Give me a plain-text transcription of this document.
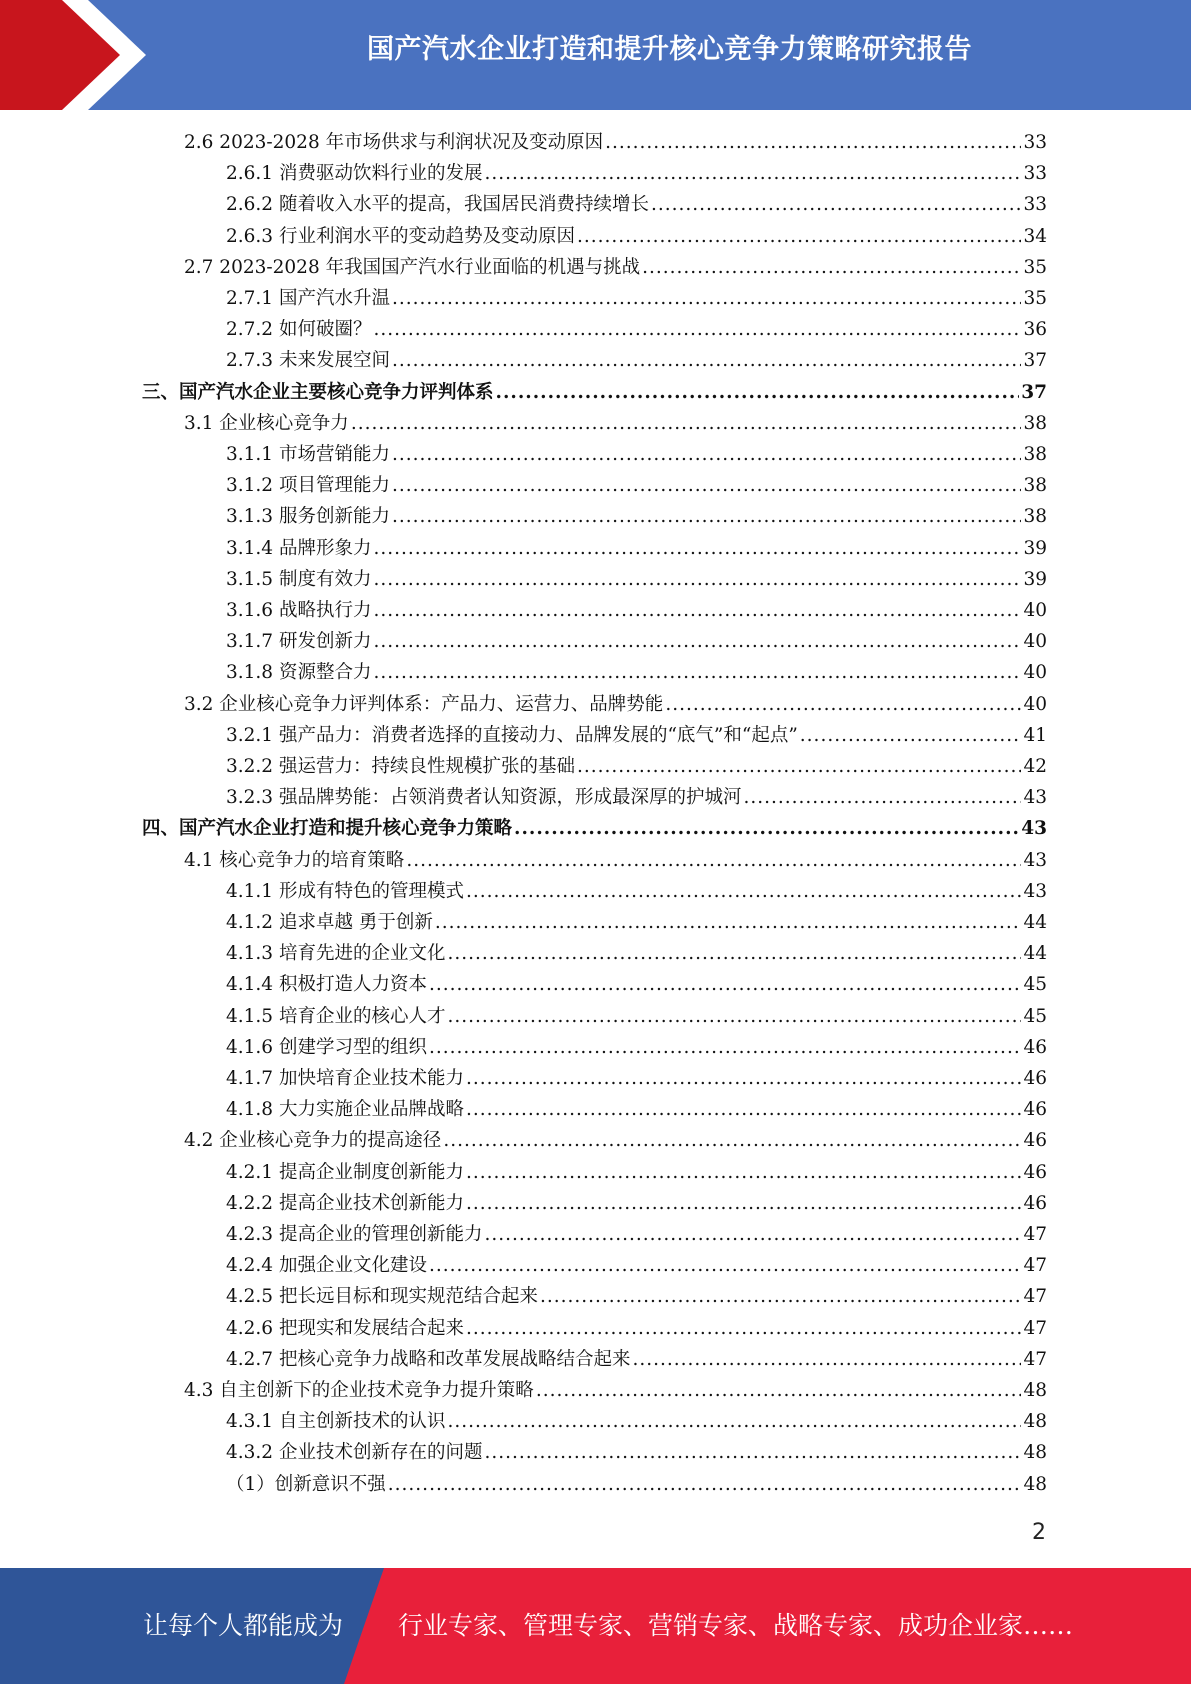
国产汽水企业打造和提升核心竞争力策略研究报告
2.6 2023-2028 年市场供求与利润状况及变动原因 .....	33
2.6.1 消费驱动饮料行业的发展 .....	33
2.6.2 随着收入水平的提高，我国居民消费持续增长 .....	33
2.6.3 行业利润水平的变动趋势及变动原因 .....	34
2.7 2023-2028 年我国国产汽水行业面临的机遇与挑战 .....	35
2.7.1 国产汽水升温 .....	35
2.7.2 如何破圈？ .....	36
2.7.3 未来发展空间 .....	37
三、国产汽水企业主要核心竞争力评判体系 .....	37
3.1 企业核心竞争力 .....	38
3.1.1 市场营销能力 .....	38
3.1.2 项目管理能力 .....	38
3.1.3 服务创新能力 .....	38
3.1.4 品牌形象力 .....	39
3.1.5 制度有效力 .....	39
3.1.6 战略执行力 .....	40
3.1.7 研发创新力 .....	40
3.1.8 资源整合力 .....	40
3.2 企业核心竞争力评判体系：产品力、运营力、品牌势能 .....	40
3.2.1 强产品力：消费者选择的直接动力、品牌发展的“底气”和“起点” .....	41
3.2.2 强运营力：持续良性规模扩张的基础 .....	42
3.2.3 强品牌势能：占领消费者认知资源，形成最深厚的护城河 .....	43
四、国产汽水企业打造和提升核心竞争力策略 .....	43
4.1 核心竞争力的培育策略 .....	43
4.1.1 形成有特色的管理模式 .....	43
4.1.2 追求卓越 勇于创新 .....	44
4.1.3 培育先进的企业文化 .....	44
4.1.4 积极打造人力资本 .....	45
4.1.5 培育企业的核心人才 .....	45
4.1.6 创建学习型的组织 .....	46
4.1.7 加快培育企业技术能力 .....	46
4.1.8 大力实施企业品牌战略 .....	46
4.2 企业核心竞争力的提高途径 .....	46
4.2.1 提高企业制度创新能力 .....	46
4.2.2 提高企业技术创新能力 .....	46
4.2.3 提高企业的管理创新能力 .....	47
4.2.4 加强企业文化建设 .....	47
4.2.5 把长远目标和现实规范结合起来 .....	47
4.2.6 把现实和发展结合起来 .....	47
4.2.7 把核心竞争力战略和改革发展战略结合起来 .....	47
4.3 自主创新下的企业技术竞争力提升策略 .....	48
4.3.1 自主创新技术的认识 .....	48
4.3.2 企业技术创新存在的问题 .....	48
（1）创新意识不强 .....	48
2
让每个人都能成为 行业专家、管理专家、营销专家、战略专家、成功企业家……
